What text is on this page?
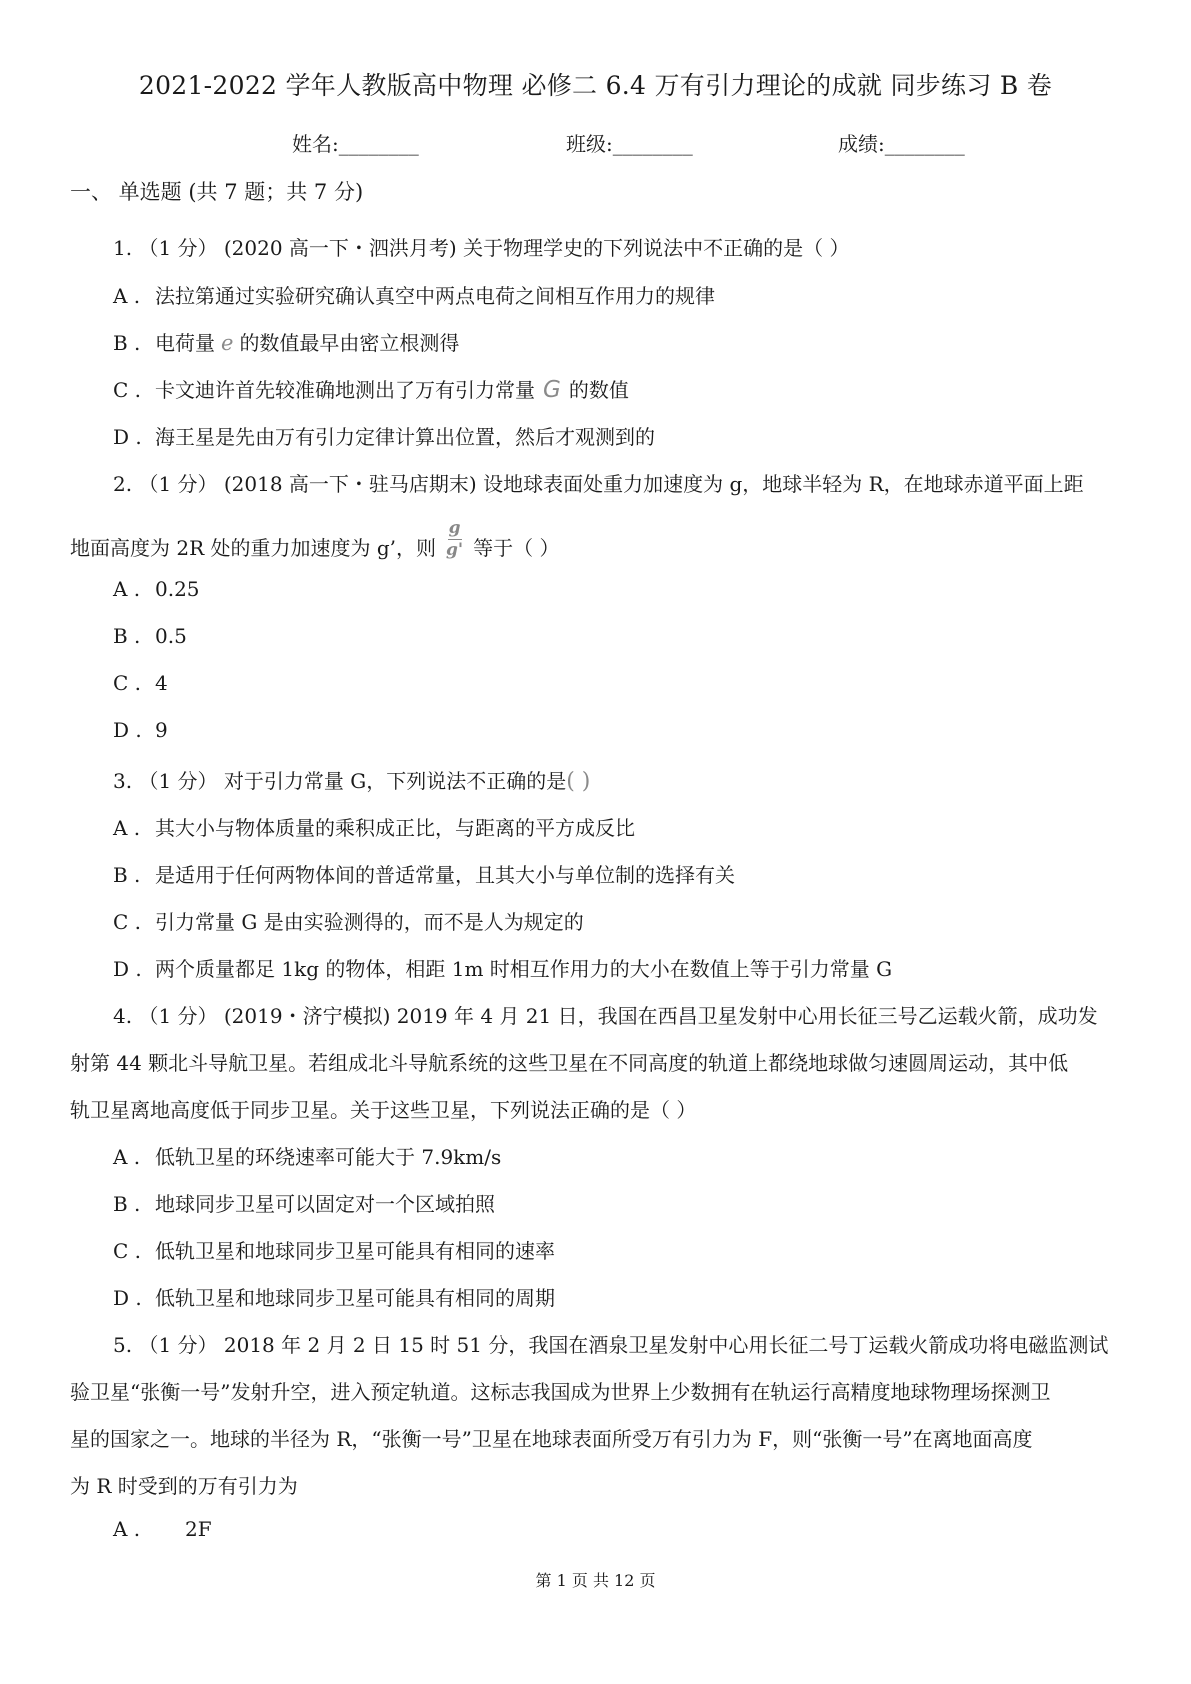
2021-2022 学年人教版高中物理 必修二 6.4 万有引力理论的成就 同步练习 B 卷
姓名:________	班级:________	成绩:________
一、 单选题 (共 7 题；共 7 分)
1. （1 分） (2020 高一下・泗洪月考) 关于物理学史的下列说法中不正确的是（ ）
A . 法拉第通过实验研究确认真空中两点电荷之间相互作用力的规律
B . 电荷量 e 的数值最早由密立根测得
C . 卡文迪许首先较准确地测出了万有引力常量 G 的数值
D . 海王星是先由万有引力定律计算出位置，然后才观测到的
2. （1 分） (2018 高一下・驻马店期末) 设地球表面处重力加速度为 g，地球半轻为 R，在地球赤道平面上距
地面高度为 2R 处的重力加速度为 g’，则 $\frac{g}{g'}$ 等于（ ）
A . 0.25
B . 0.5
C . 4
D . 9
3. （1 分） 对于引力常量 G，下列说法不正确的是( )
A . 其大小与物体质量的乘积成正比，与距离的平方成反比
B . 是适用于任何两物体间的普适常量，且其大小与单位制的选择有关
C . 引力常量 G 是由实验测得的，而不是人为规定的
D . 两个质量都足 1kg 的物体，相距 1m 时相互作用力的大小在数值上等于引力常量 G
4. （1 分） (2019・济宁模拟) 2019 年 4 月 21 日，我国在西昌卫星发射中心用长征三号乙运载火箭，成功发
射第 44 颗北斗导航卫星。若组成北斗导航系统的这些卫星在不同高度的轨道上都绕地球做匀速圆周运动，其中低
轨卫星离地高度低于同步卫星。关于这些卫星，下列说法正确的是（ ）
A . 低轨卫星的环绕速率可能大于 7.9km/s
B . 地球同步卫星可以固定对一个区域拍照
C . 低轨卫星和地球同步卫星可能具有相同的速率
D . 低轨卫星和地球同步卫星可能具有相同的周期
5. （1 分） 2018 年 2 月 2 日 15 时 51 分，我国在酒泉卫星发射中心用长征二号丁运载火箭成功将电磁监测试
验卫星“张衡一号”发射升空，进入预定轨道。这标志我国成为世界上少数拥有在轨运行高精度地球物理场探测卫
星的国家之一。地球的半径为 R，“张衡一号”卫星在地球表面所受万有引力为 F，则“张衡一号”在离地面高度
为 R 时受到的万有引力为
A . 2F
第 1 页 共 12 页
